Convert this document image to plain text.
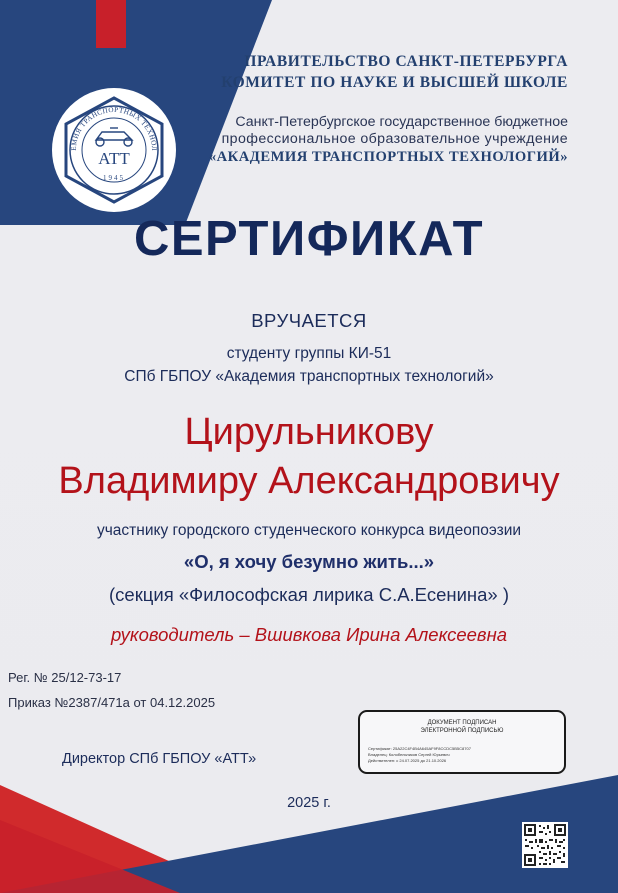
ЕМИЯ ТРАНСПОРТНЫХ ТЕХНОЛ
АТТ
1945
ПРАВИТЕЛЬСТВО САНКТ-ПЕТЕРБУРГА
КОМИТЕТ ПО НАУКЕ И ВЫСШЕЙ ШКОЛЕ
Санкт-Петербургское государственное бюджетное
профессиональное образовательное учреждение
«АКАДЕМИЯ ТРАНСПОРТНЫХ ТЕХНОЛОГИЙ»
СЕРТИФИКАТ
ВРУЧАЕТСЯ
студенту группы КИ-51
СПб ГБПОУ «Академия транспортных технологий»
Цирульникову
Владимиру Александровичу
участнику городского студенческого конкурса видеопоэзии
«О, я хочу безумно жить...»
(секция «Философская лирика С.А.Есенина» )
руководитель – Вшивкова Ирина Алексеевна
Рег. № 25/12-73-17
Приказ №2387/471а от 04.12.2025
Директор СПб ГБПОУ «АТТ»
ДОКУМЕНТ ПОДПИСАН
ЭЛЕКТРОННОЙ ПОДПИСЬЮ
Сертификат: 25А22С4F4В4А645АF9F8ССDС5В5С8707
Владелец: Колобельников Сергей Юрьевич
Действителен: с 24.07.2025 до 21.10.2026
2025 г.
